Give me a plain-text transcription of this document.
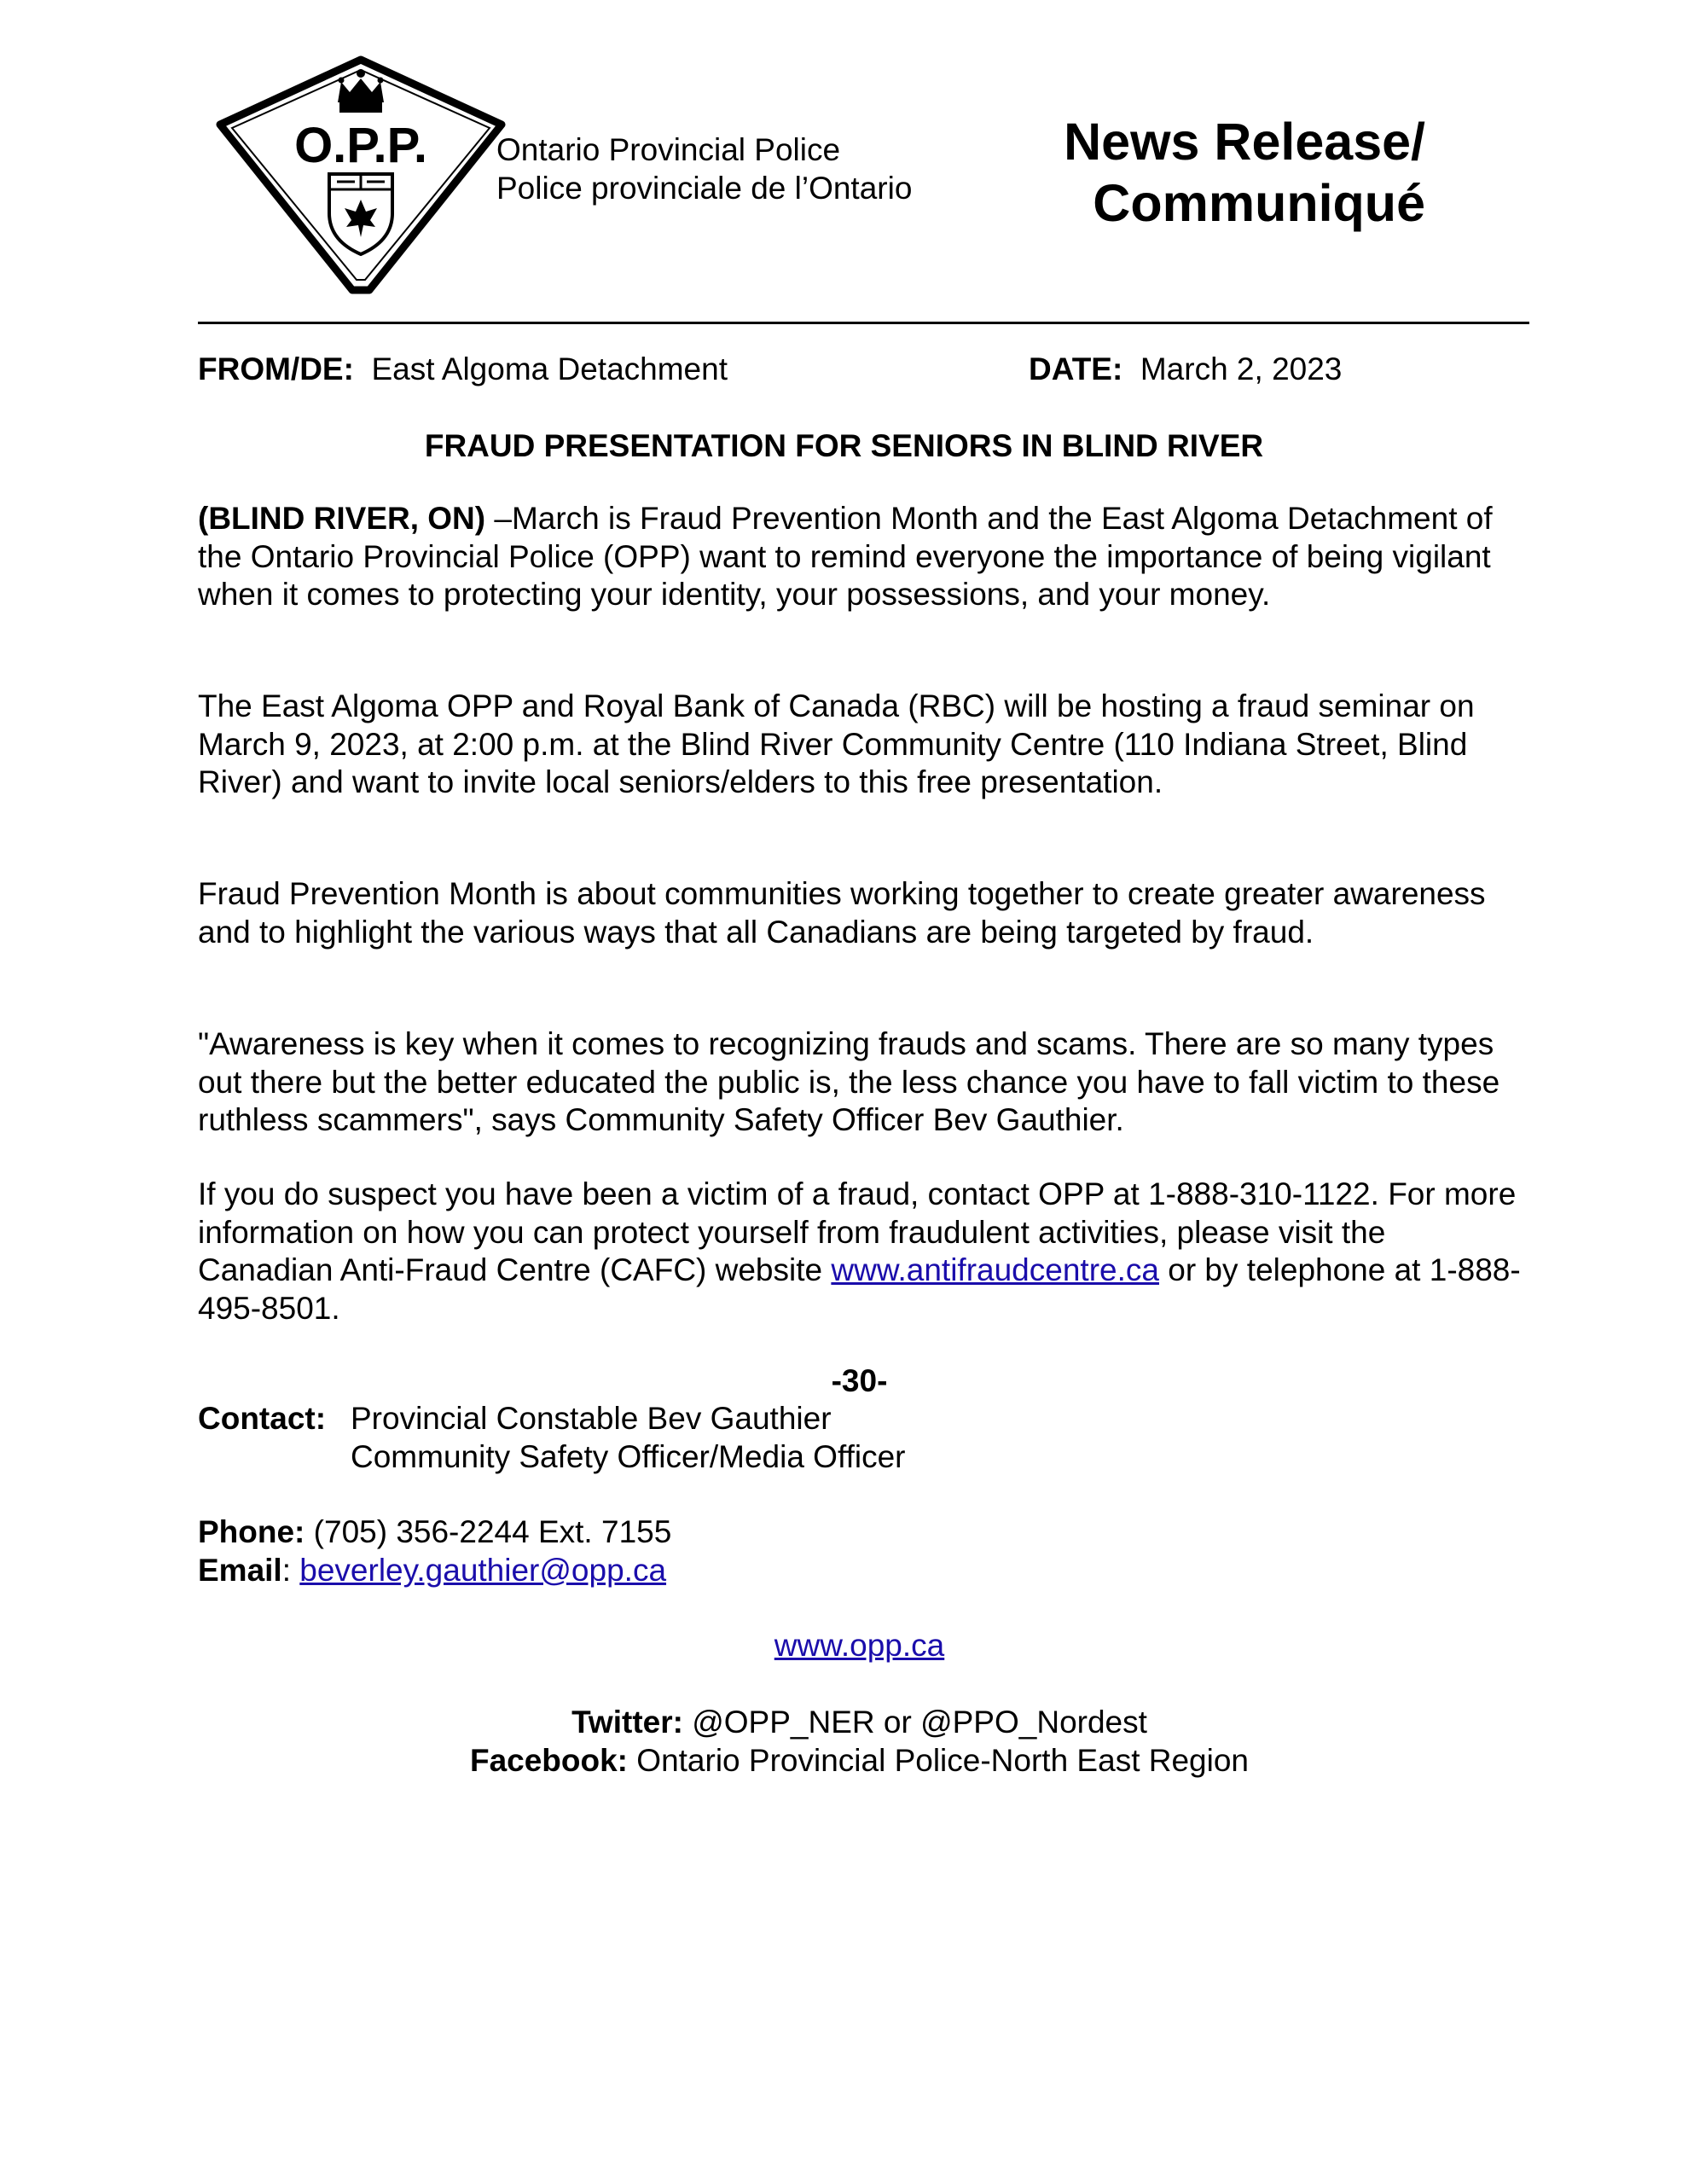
O.P.P. Ontario Provincial Police
Police provinciale de l’Ontario
News Release/
Communiqué
FROM/DE: East Algoma Detachment	DATE: March 2, 2023
FRAUD PRESENTATION FOR SENIORS IN BLIND RIVER
(BLIND RIVER, ON) –March is Fraud Prevention Month and the East Algoma Detachment of the Ontario Provincial Police (OPP) want to remind everyone the importance of being vigilant when it comes to protecting your identity, your possessions, and your money.
The East Algoma OPP and Royal Bank of Canada (RBC) will be hosting a fraud seminar on March 9, 2023, at 2:00 p.m. at the Blind River Community Centre (110 Indiana Street, Blind River) and want to invite local seniors/elders to this free presentation.
Fraud Prevention Month is about communities working together to create greater awareness and to highlight the various ways that all Canadians are being targeted by fraud.
"Awareness is key when it comes to recognizing frauds and scams. There are so many types out there but the better educated the public is, the less chance you have to fall victim to these ruthless scammers", says Community Safety Officer Bev Gauthier.
If you do suspect you have been a victim of a fraud, contact OPP at 1-888-310-1122. For more information on how you can protect yourself from fraudulent activities, please visit the Canadian Anti-Fraud Centre (CAFC) website www.antifraudcentre.ca or by telephone at 1-888-495-8501.
-30-
Contact: Provincial Constable Bev Gauthier
Community Safety Officer/Media Officer
Phone: (705) 356-2244 Ext. 7155
Email: beverley.gauthier@opp.ca
www.opp.ca
Twitter: @OPP_NER or @PPO_Nordest
Facebook: Ontario Provincial Police-North East Region
